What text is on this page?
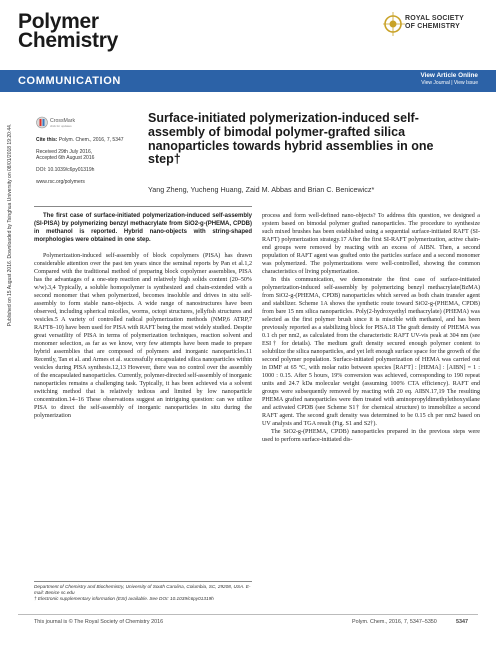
Polymer
Chemistry
ROYAL SOCIETY
OF CHEMISTRY
COMMUNICATION	View Article Online
View Journal | View Issue
Published on 15 August 2016. Downloaded by Tsinghua University on 08/01/2018 19:20:44.
CrossMark
click for updates
Cite this: Polym. Chem., 2016, 7, 5347
Received 29th July 2016,
Accepted 6th August 2016
DOI: 10.1039/c6py01319h
www.rsc.org/polymers
Surface-initiated polymerization-induced self-assembly of bimodal polymer-grafted silica nanoparticles towards hybrid assemblies in one step†
Yang Zheng, Yucheng Huang, Zaid M. Abbas and Brian C. Benicewicz*

The first case of surface-initiated polymerization-induced self-assembly (SI-PISA) by polymerizing benzyl methacrylate from SiO2-g-(PHEMA, CPDB) in methanol is reported. Hybrid nano-objects with string-shaped morphologies were obtained in one step.

Polymerization-induced self-assembly of block copolymers (PISA) has drawn considerable attention over the past ten years since the seminal reports by Pan et al.1,2 Compared with the traditional method of preparing block copolymer assemblies, PISA has the advantages of a one-step reaction and relatively high solids content (20–50% w/w).3,4 Typically, a soluble homopolymer is synthesized and chain-extended with a second monomer that when polymerized, becomes insoluble and drives in situ self-assembly to form stable nano-objects. A wide range of nanostructures have been observed, including spherical micelles, worms, octopi structures, jellyfish structures and vesicles.5 A variety of controlled radical polymerization methods (NMP,6 ATRP,7 RAFT8–10) have been used for PISA with RAFT being the most widely studied. Despite great versatility of PISA in terms of polymerization techniques, reaction solvent and monomer selection, as far as we know, very few attempts have been made to prepare hybrid assemblies that are composed of polymers and inorganic nanoparticles.11 Recently, Tan et al. and Armes et al. successfully encapsulated silica nanoparticles within vesicles during PISA synthesis.12,13 However, there was no control over the assembly of the encapsulated nanoparticles. Currently, polymer-directed self-assembly of inorganic nanoparticles remains a challenging task. Typically, it has been achieved via a solvent switching method that is relatively tedious and limited by low nanoparticle concentration.14–16 These observations suggest an intriguing question: can we utilize PISA to direct the self-assembly of inorganic nanoparticles in situ during the polymerization

Department of Chemistry and Biochemistry, University of South Carolina, Columbia, SC, 29208, USA. E-mail: Benice sc.edu
† Electronic supplementary information (ESI) available. See DOI: 10.1039/c6py01319h

process and form well-defined nano-objects? To address this question, we designed a system based on bimodal polymer grafted nanoparticles. The procedure to synthesize such mixed brushes has been established using a sequential surface-initiated RAFT (SI-RAFT) polymerization strategy.17 After the first SI-RAFT polymerization, active chain-end groups were removed by reacting with an excess of AIBN. Then, a second population of RAFT agent was grafted onto the particles surface and a second monomer was polymerized. The polymerizations were well-controlled, showing the common characteristics of living polymerization.

In this communication, we demonstrate the first case of surface-initiated polymerization-induced self-assembly by polymerizing benzyl methacrylate(BzMA) from SiO2-g-(PHEMA, CPDB) nanoparticles which served as both chain transfer agent and stabilizer. Scheme 1A shows the synthetic route toward SiO2-g-(PHEMA, CPDB) from bare 15 nm silica nanoparticles. Poly(2-hydroxyethyl methacrylate) (PHEMA) was selected as the first polymer brush since it is miscible with methanol, and has been previously reported as a stabilizing block for PISA.18 The graft density of PHEMA was 0.1 ch per nm2, as calculated from the characteristic RAFT UV-vis peak at 304 nm (see ESI† for details). The medium graft density secured enough polymer content to solubilize the silica nanoparticles, and yet left enough surface space for the growth of the second polymer population. Surface-initiated polymerization of HEMA was carried out in DMF at 65 °C, with molar ratio between species [RAFT] : [HEMA] : [AIBN] = 1 : 1000 : 0.15. After 5 hours, 19% conversion was achieved, corresponding to 190 repeat units and 24.7 kDa molecular weight (assuming 100% CTA efficiency). RAFT end groups were subsequently removed by reacting with 20 eq. AIBN.17,19 The resulting PHEMA grafted nanoparticles were then treated with aminopropyldimethylethoxysilane and activated CPDB (see Scheme S1† for chemical structure) to immobilize a second RAFT agent. The second graft density was determined to be 0.15 ch per nm2 based on UV analysis and TGA result (Fig. S1 and S2†).

The SiO2-g-(PHEMA, CPDB) nanoparticles prepared in the previous steps were used to perform surface-initiated dis-

This journal is © The Royal Society of Chemistry 2016	Polym. Chem., 2016, 7, 5347–5350	5347
